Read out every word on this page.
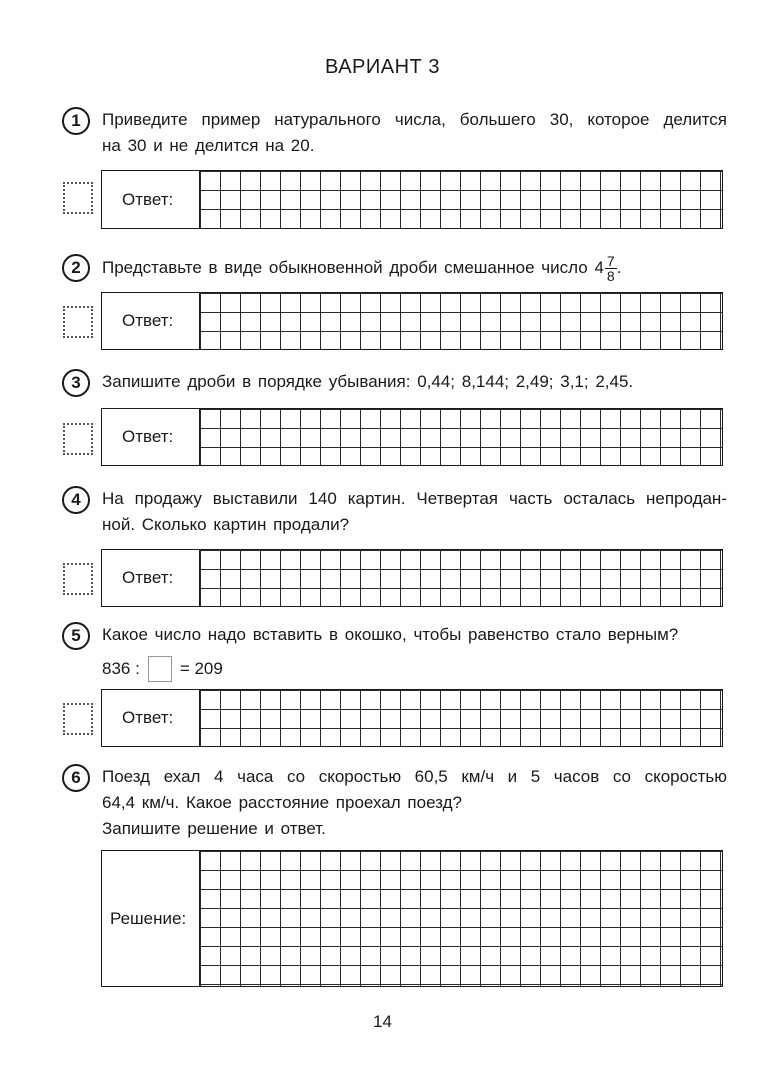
ВАРИАНТ 3
1	Приведите пример натурального числа, большего 30, которое делится
на 30 и не делится на 20.
Ответ:
2	Представьте в виде обыкновенной дроби смешанное число $4 \frac{7}{8}$ .
Ответ:
3	Запишите дроби в порядке убывания: 0,44; 8,144; 2,49; 3,1; 2,45.
Ответ:
4	На продажу выставили 140 картин. Четвертая часть осталась непродан-
ной. Сколько картин продали?
Ответ:
5	Какое число надо вставить в окошко, чтобы равенство стало верным?
836 : = 209
Ответ:
6	Поезд ехал 4 часа со скоростью 60,5 км/ч и 5 часов со скоростью
64,4 км/ч. Какое расстояние проехал поезд?
Запишите решение и ответ.
Решение:
14
